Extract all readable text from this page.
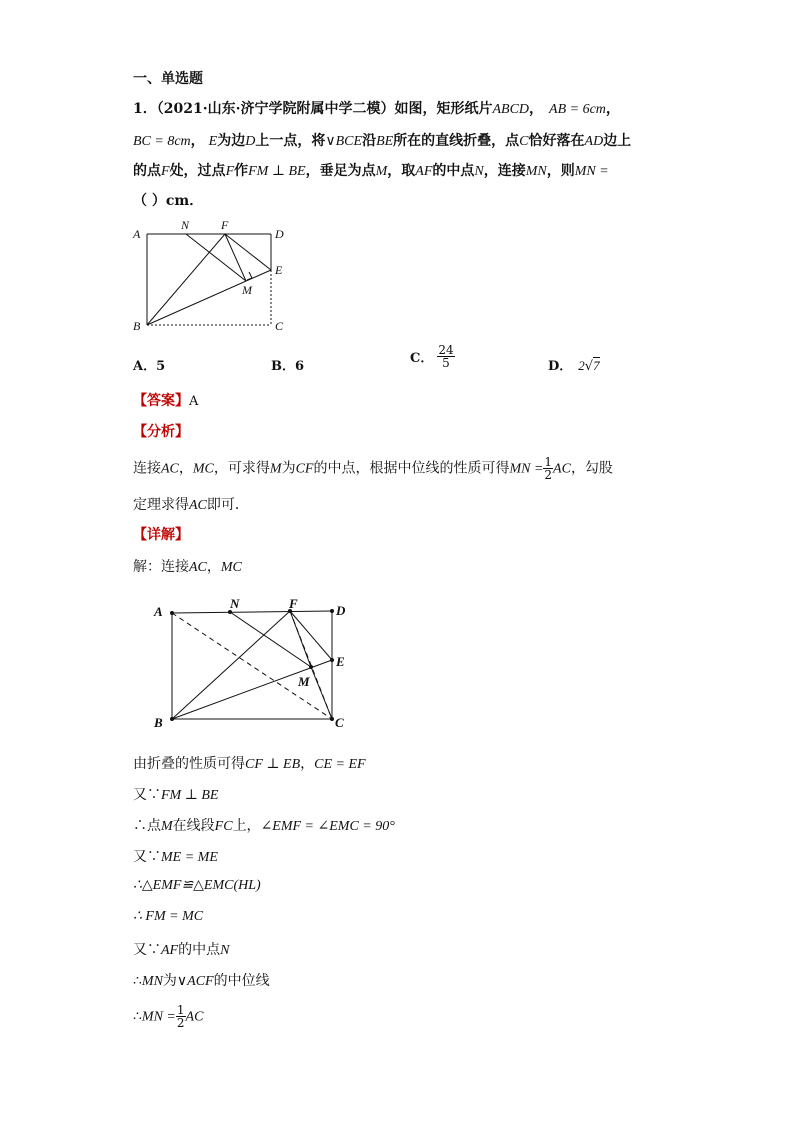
一、单选题
1．（2021·山东·济宁学院附属中学二模）如图，矩形纸片ABCD， AB = 6cm，
BC = 8cm， E为边D上一点，将∨BCE沿BE所在的直线折叠，点C恰好落在AD边上
的点F处，过点F作FM ⊥ BE，垂足为点M，取AF的中点N，连接MN，则MN =
（ ）cm．
A
N	F
D
E
M
B	C
A．5	B．6
C． $\frac{24}{5}$	D． 2√7
【答案】A
【分析】
连接AC，MC，可求得M为CF的中点，根据中位线的性质可得MN = $\frac{1}{2}$ AC，勾股
定理求得AC即可．
【详解】
解：连接AC，MC
A
N	F	D
E
M
B	C
由折叠的性质可得CF ⊥ EB，CE = EF
又∵FM ⊥ BE
∴点M在线段FC上，∠EMF = ∠EMC = 90°
又∵ME = ME
∴△EMF≌△EMC(HL)
∴ FM = MC
又∵AF的中点N
∴MN为∨ACF的中位线
∴MN = $\frac{1}{2}$ AC
